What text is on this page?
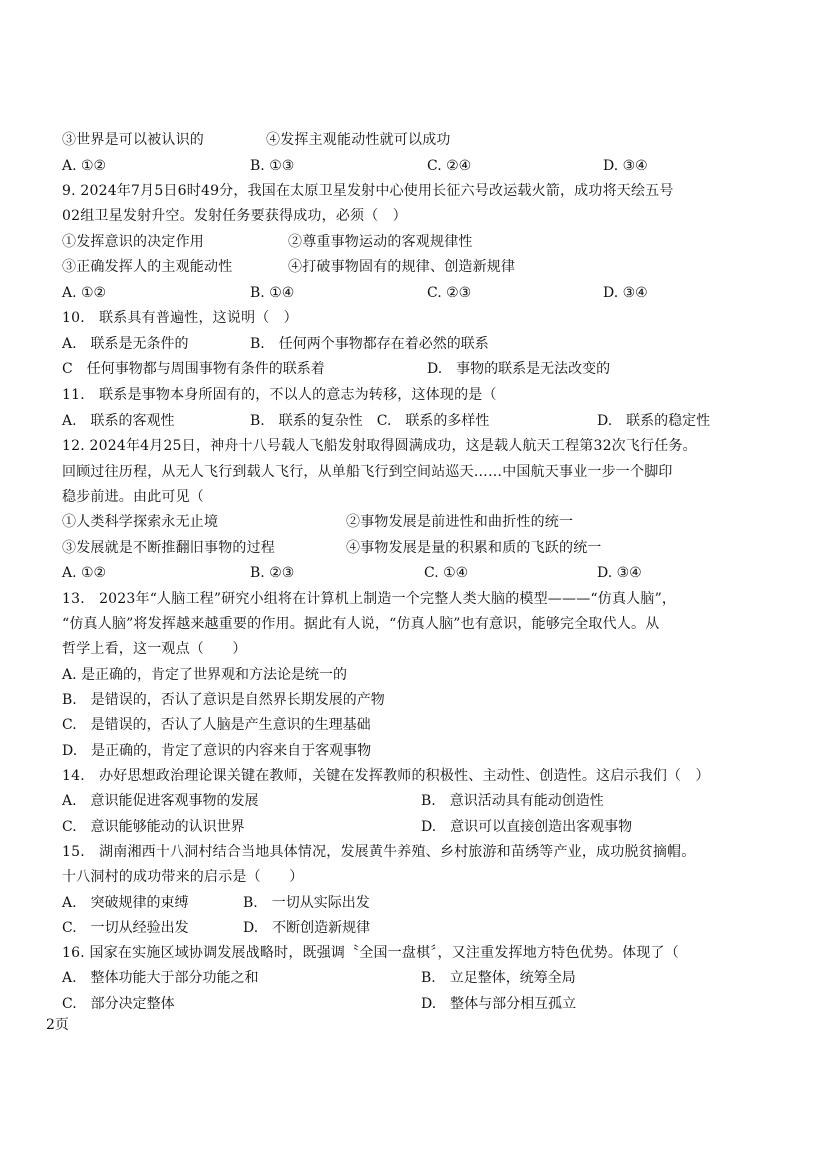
③世界是可以被认识的	④发挥主观能动性就可以成功
A. ①②	B. ①③	C. ②④	D. ③④
9. 2024年7月5日6时49分，我国在太原卫星发射中心使用长征六号改运载火箭，成功将天绘五号
02组卫星发射升空。发射任务要获得成功，必须（　）
①发挥意识的决定作用	②尊重事物运动的客观规律性
③正确发挥人的主观能动性	④打破事物固有的规律、创造新规律
A. ①②	B. ①④	C. ②③	D. ③④
10.　联系具有普遍性，这说明（　）
A.　联系是无条件的	B.　任何两个事物都存在着必然的联系
C　任何事物都与周围事物有条件的联系着	D.　事物的联系是无法改变的
11.　联系是事物本身所固有的，不以人的意志为转移，这体现的是（
A.　联系的客观性	B.　联系的复杂性　C.　联系的多样性	D.　联系的稳定性
12. 2024年4月25日，神舟十八号载人飞船发射取得圆满成功，这是载人航天工程第32次飞行任务。
回顾过往历程，从无人飞行到载人飞行，从单船飞行到空间站巡天……中国航天事业一步一个脚印
稳步前进。由此可见（
①人类科学探索永无止境	②事物发展是前进性和曲折性的统一
③发展就是不断推翻旧事物的过程	④事物发展是量的积累和质的飞跃的统一
A. ①②	B. ②③	C. ①④	D. ③④
13.　2023年“人脑工程”研究小组将在计算机上制造一个完整人类大脑的模型———“仿真人脑”，
“仿真人脑”将发挥越来越重要的作用。据此有人说，“仿真人脑”也有意识，能够完全取代人。从
哲学上看，这一观点（　　）
A. 是正确的，肯定了世界观和方法论是统一的
B.　是错误的，否认了意识是自然界长期发展的产物
C.　是错误的，否认了人脑是产生意识的生理基础
D.　是正确的，肯定了意识的内容来自于客观事物
14.　办好思想政治理论课关键在教师，关键在发挥教师的积极性、主动性、创造性。这启示我们（　）
A.　意识能促进客观事物的发展	B.　意识活动具有能动创造性
C.　意识能够能动的认识世界	D.　意识可以直接创造出客观事物
15.　湖南湘西十八洞村结合当地具体情况，发展黄牛养殖、乡村旅游和苗绣等产业，成功脱贫摘帽。
十八洞村的成功带来的启示是（　　）
A.　突破规律的束缚	B.　一切从实际出发
C.　一切从经验出发	D.　不断创造新规律
16. 国家在实施区域协调发展战略时，既强调〝全国一盘棋〞，又注重发挥地方特色优势。体现了（
A.　整体功能大于部分功能之和	B.　立足整体，统筹全局
C.　部分决定整体	D.　整体与部分相互孤立
2页
